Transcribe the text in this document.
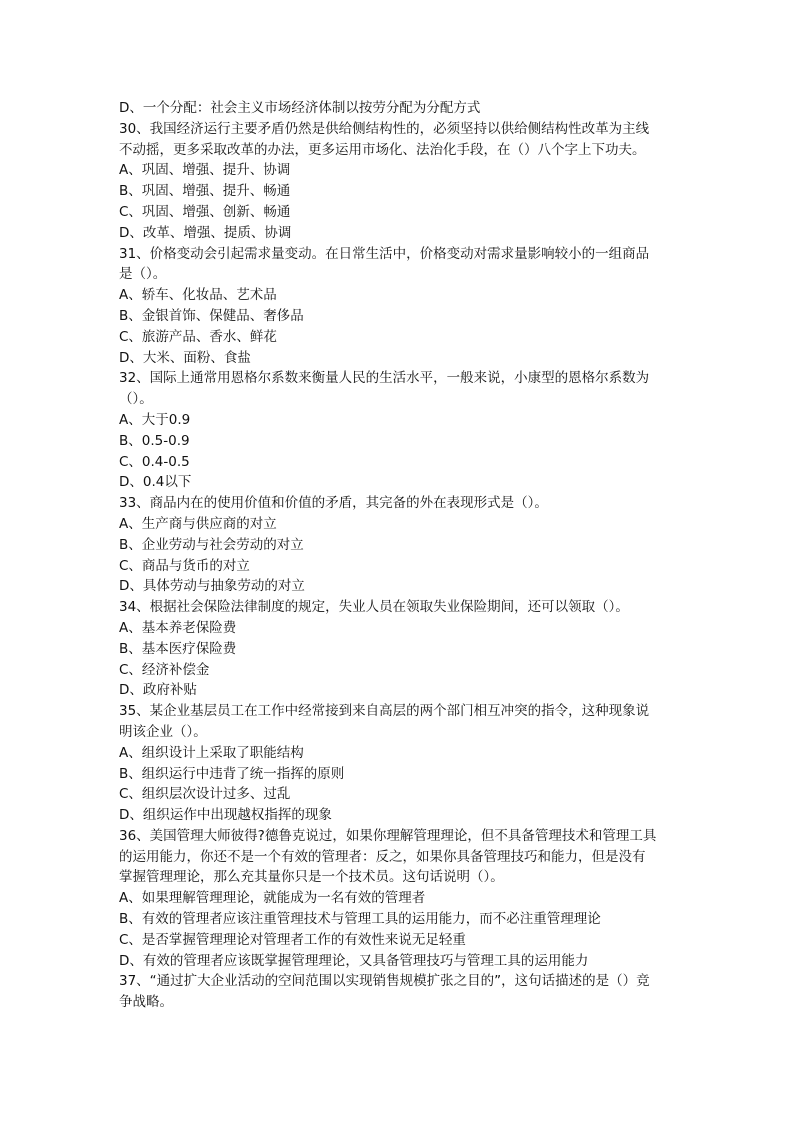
D、一个分配：社会主义市场经济体制以按劳分配为分配方式

30、我国经济运行主要矛盾仍然是供给侧结构性的，必须坚持以供给侧结构性改革为主线

不动摇，更多采取改革的办法，更多运用市场化、法治化手段，在（）八个字上下功夫。

A、巩固、增强、提升、协调

B、巩固、增强、提升、畅通

C、巩固、增强、创新、畅通

D、改革、增强、提质、协调

31、价格变动会引起需求量变动。在日常生活中，价格变动对需求量影响较小的一组商品

是（）。

A、轿车、化妆品、艺术品

B、金银首饰、保健品、奢侈品

C、旅游产品、香水、鲜花

D、大米、面粉、食盐

32、国际上通常用恩格尔系数来衡量人民的生活水平，一般来说，小康型的恩格尔系数为

（）。

A、大于0.9

B、0.5-0.9

C、0.4-0.5

D、0.4以下

33、商品内在的使用价值和价值的矛盾，其完备的外在表现形式是（）。

A、生产商与供应商的对立

B、企业劳动与社会劳动的对立

C、商品与货币的对立

D、具体劳动与抽象劳动的对立

34、根据社会保险法律制度的规定，失业人员在领取失业保险期间，还可以领取（）。

A、基本养老保险费

B、基本医疗保险费

C、经济补偿金

D、政府补贴

35、某企业基层员工在工作中经常接到来自高层的两个部门相互冲突的指令，这种现象说

明该企业（）。

A、组织设计上采取了职能结构

B、组织运行中违背了统一指挥的原则

C、组织层次设计过多、过乱

D、组织运作中出现越权指挥的现象

36、美国管理大师彼得?德鲁克说过，如果你理解管理理论，但不具备管理技术和管理工具

的运用能力，你还不是一个有效的管理者：反之，如果你具备管理技巧和能力，但是没有

掌握管理理论，那么充其量你只是一个技术员。这句话说明（）。

A、如果理解管理理论，就能成为一名有效的管理者

B、有效的管理者应该注重管理技术与管理工具的运用能力，而不必注重管理理论

C、是否掌握管理理论对管理者工作的有效性来说无足轻重

D、有效的管理者应该既掌握管理理论，又具备管理技巧与管理工具的运用能力

37、“通过扩大企业活动的空间范围以实现销售规模扩张之目的”，这句话描述的是（）竞

争战略。
